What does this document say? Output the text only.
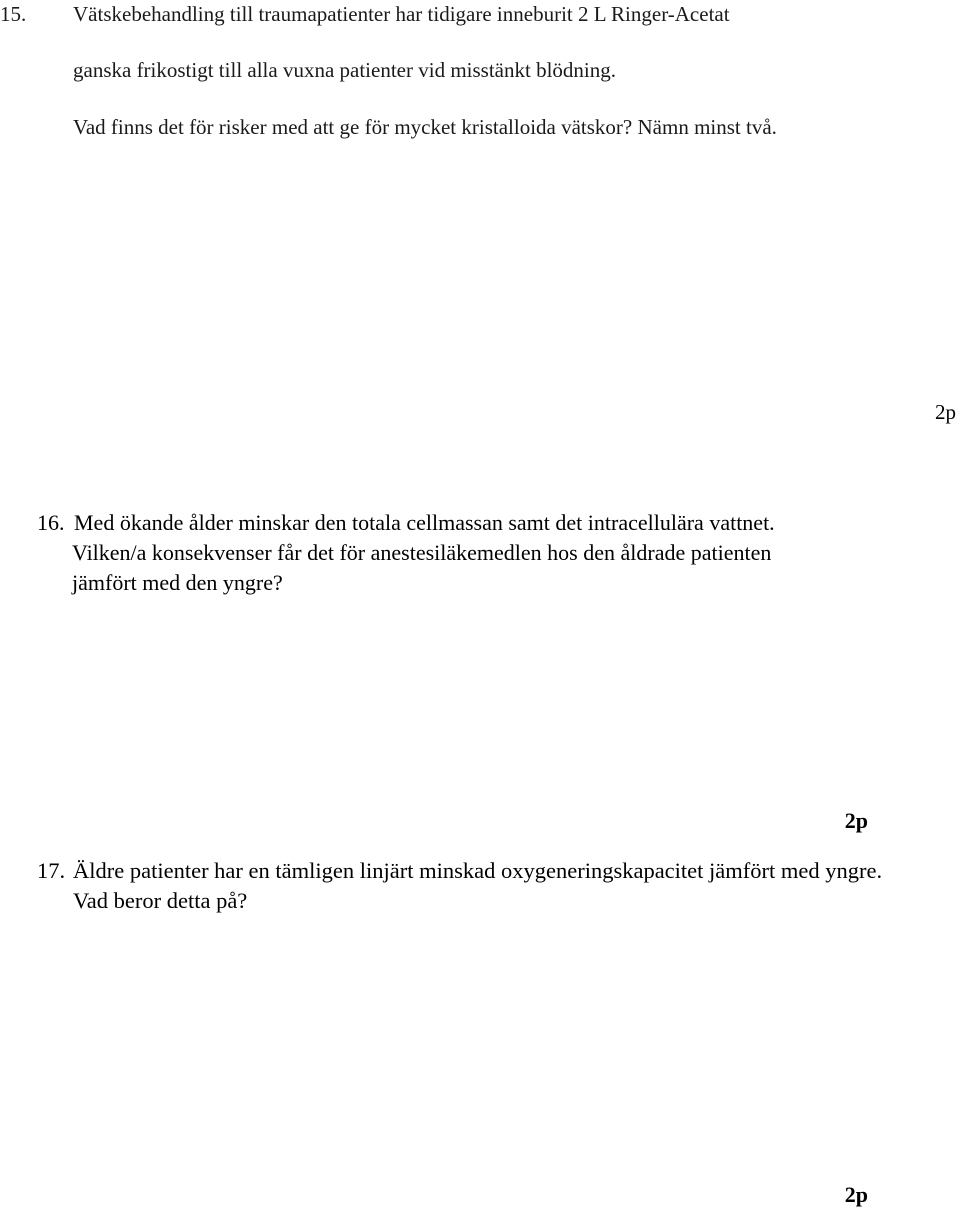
15. Vätskebehandling till traumapatienter har tidigare inneburit 2 L Ringer-Acetat
ganska frikostigt till alla vuxna patienter vid misstänkt blödning.
Vad finns det för risker med att ge för mycket kristalloida vätskor? Nämn minst två.
2p
16. Med ökande ålder minskar den totala cellmassan samt det intracellulära vattnet.
Vilken/a konsekvenser får det för anestesiläkemedlen hos den åldrade patienten
jämfört med den yngre?
2p
17. Äldre patienter har en tämligen linjärt minskad oxygeneringskapacitet jämfört med yngre.
Vad beror detta på?
2p
